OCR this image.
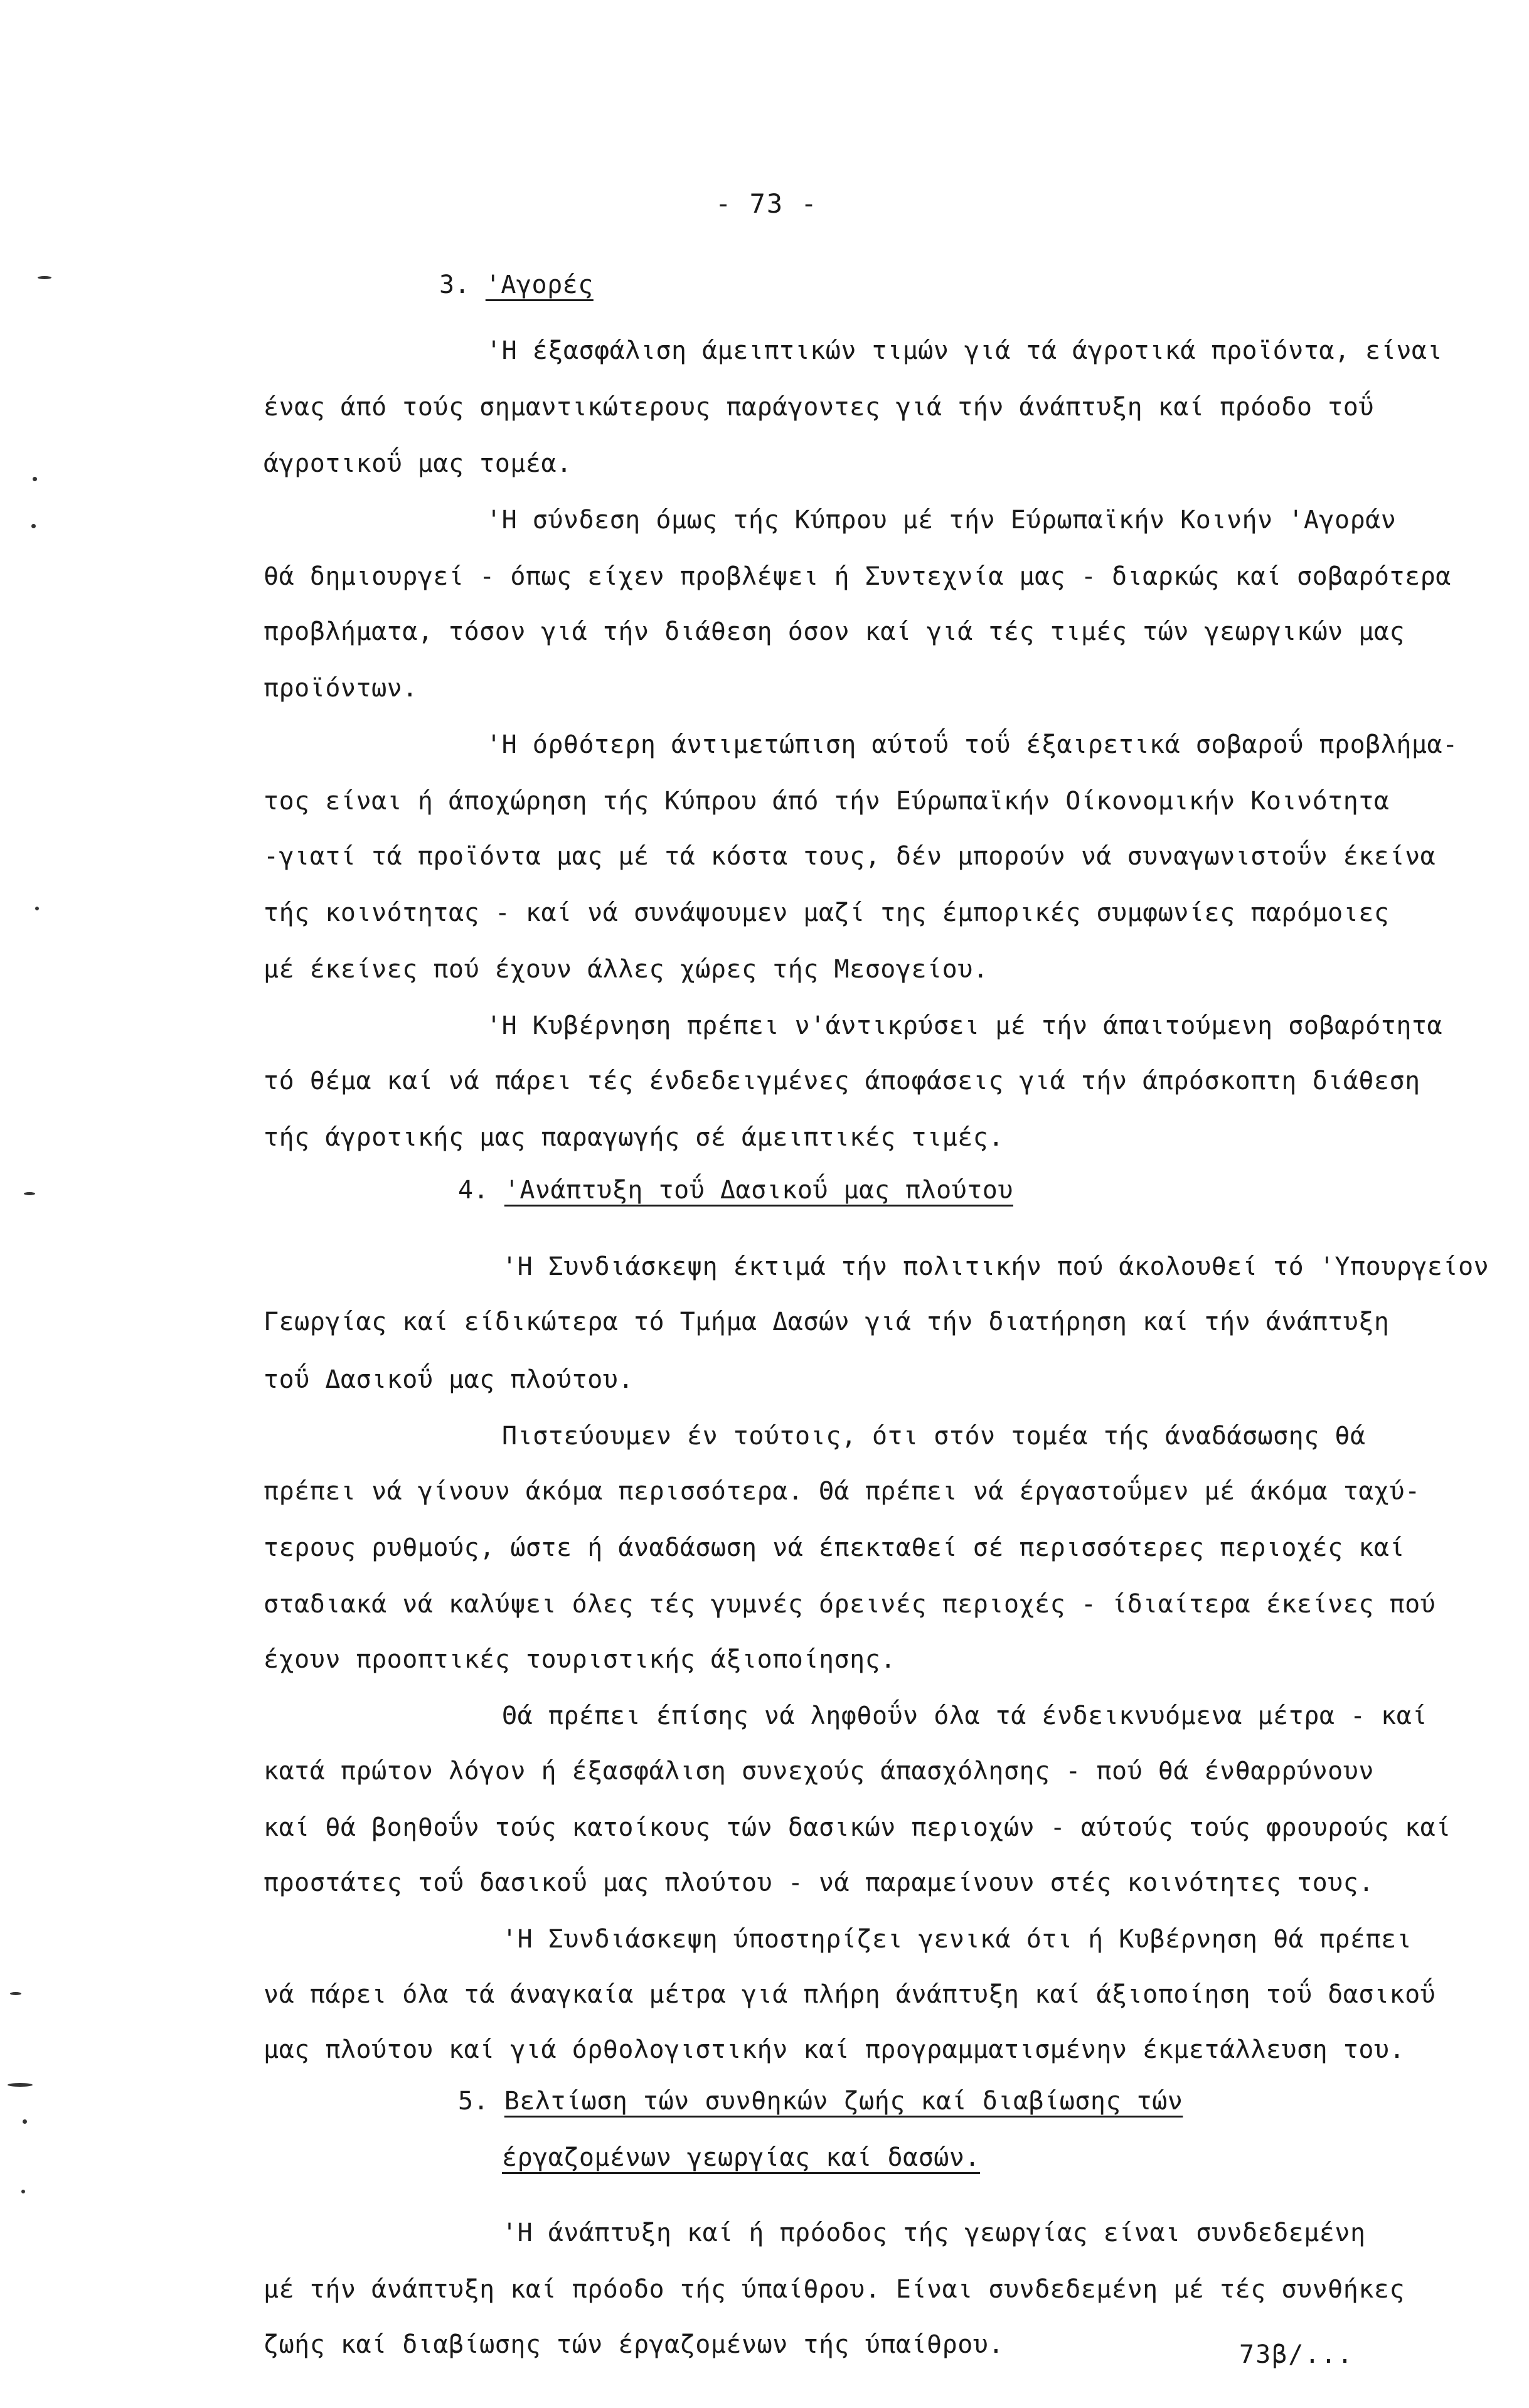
- 73 -
3. 'Αγορές
'Η έξασφάλιση άμειπτικών τιμών γιά τά άγροτικά προϊόντα, είναι
ένας άπό τούς σημαντικώτερους παράγοντες γιά τήν άνάπτυξη καί πρόοδο τοΰ
άγροτικοΰ μας τομέα.
'Η σύνδεση όμως τής Κύπρου μέ τήν Εύρωπαϊκήν Κοινήν 'Αγοράν
θά δημιουργεί - όπως είχεν προβλέψει ή Συντεχνία μας - διαρκώς καί σοβαρότερα
προβλήματα, τόσον γιά τήν διάθεση όσον καί γιά τές τιμές τών γεωργικών μας
προϊόντων.
'Η όρθότερη άντιμετώπιση αύτοΰ τοΰ έξαιρετικά σοβαροΰ προβλήμα-
τος είναι ή άποχώρηση τής Κύπρου άπό τήν Εύρωπαϊκήν Οίκονομικήν Κοινότητα
-γιατί τά προϊόντα μας μέ τά κόστα τους, δέν μπορούν νά συναγωνιστοΰν έκείνα
τής κοινότητας - καί νά συνάψουμεν μαζί της έμπορικές συμφωνίες παρόμοιες
μέ έκείνες πού έχουν άλλες χώρες τής Μεσογείου.
'Η Κυβέρνηση πρέπει ν'άντικρύσει μέ τήν άπαιτούμενη σοβαρότητα
τό θέμα καί νά πάρει τές ένδεδειγμένες άποφάσεις γιά τήν άπρόσκοπτη διάθεση
τής άγροτικής μας παραγωγής σέ άμειπτικές τιμές.
4. 'Ανάπτυξη τοΰ Δασικοΰ μας πλούτου
'Η Συνδιάσκεψη έκτιμά τήν πολιτικήν πού άκολουθεί τό 'Υπουργείον
Γεωργίας καί είδικώτερα τό Τμήμα Δασών γιά τήν διατήρηση καί τήν άνάπτυξη
τοΰ Δασικοΰ μας πλούτου.
Πιστεύουμεν έν τούτοις, ότι στόν τομέα τής άναδάσωσης θά
πρέπει νά γίνουν άκόμα περισσότερα. Θά πρέπει νά έργαστοΰμεν μέ άκόμα ταχύ-
τερους ρυθμούς, ώστε ή άναδάσωση νά έπεκταθεί σέ περισσότερες περιοχές καί
σταδιακά νά καλύψει όλες τές γυμνές όρεινές περιοχές - ίδιαίτερα έκείνες πού
έχουν προοπτικές τουριστικής άξιοποίησης.
Θά πρέπει έπίσης νά ληφθοΰν όλα τά ένδεικνυόμενα μέτρα - καί
κατά πρώτον λόγον ή έξασφάλιση συνεχούς άπασχόλησης - πού θά ένθαρρύνουν
καί θά βοηθοΰν τούς κατοίκους τών δασικών περιοχών - αύτούς τούς φρουρούς καί
προστάτες τοΰ δασικοΰ μας πλούτου - νά παραμείνουν στές κοινότητες τους.
'Η Συνδιάσκεψη ύποστηρίζει γενικά ότι ή Κυβέρνηση θά πρέπει
νά πάρει όλα τά άναγκαία μέτρα γιά πλήρη άνάπτυξη καί άξιοποίηση τοΰ δασικοΰ
μας πλούτου καί γιά όρθολογιστικήν καί προγραμματισμένην έκμετάλλευση του.
5. Βελτίωση τών συνθηκών ζωής καί διαβίωσης τών
έργαζομένων γεωργίας καί δασών.
'Η άνάπτυξη καί ή πρόοδος τής γεωργίας είναι συνδεδεμένη
μέ τήν άνάπτυξη καί πρόοδο τής ύπαίθρου. Είναι συνδεδεμένη μέ τές συνθήκες
ζωής καί διαβίωσης τών έργαζομένων τής ύπαίθρου.	73β/...
